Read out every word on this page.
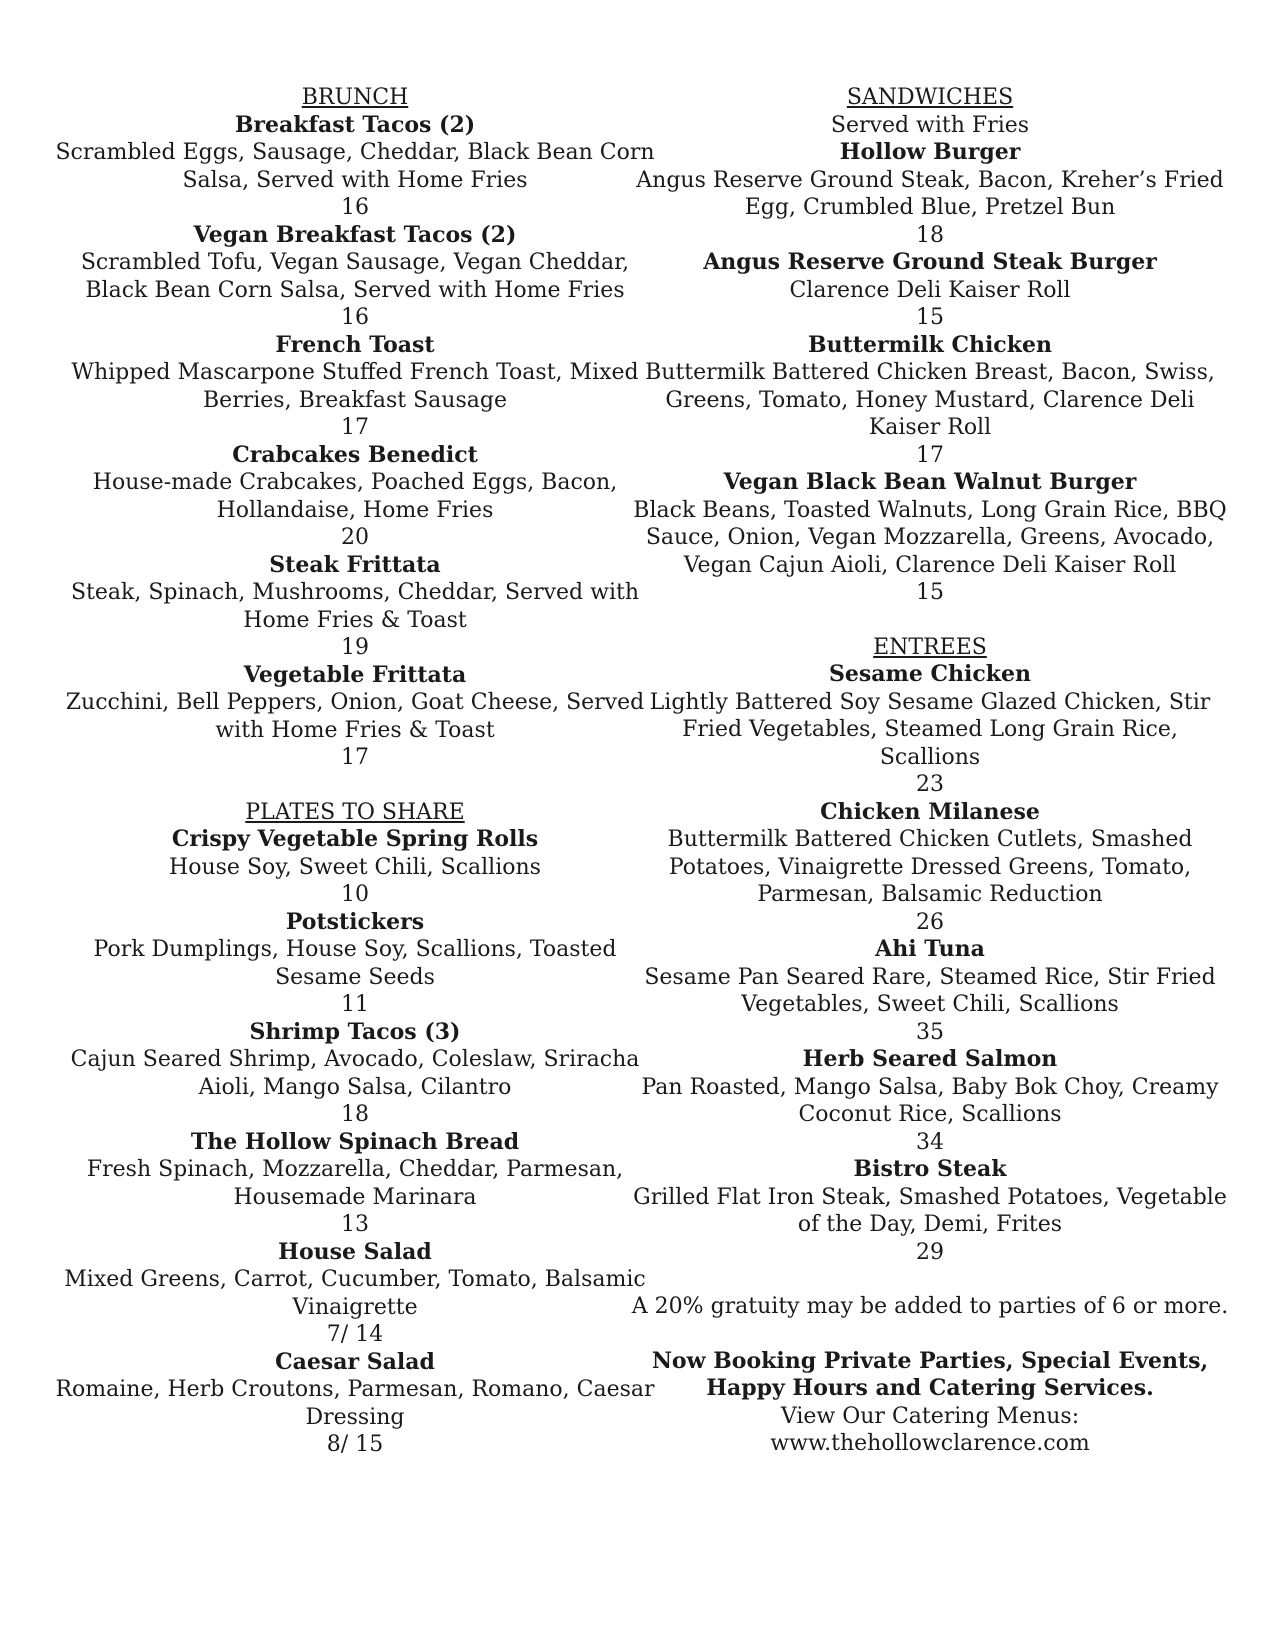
BRUNCH
Breakfast Tacos (2)
Scrambled Eggs, Sausage, Cheddar, Black Bean Corn Salsa, Served with Home Fries
16
Vegan Breakfast Tacos (2)
Scrambled Tofu, Vegan Sausage, Vegan Cheddar, Black Bean Corn Salsa, Served with Home Fries
16
French Toast
Whipped Mascarpone Stuffed French Toast, Mixed Berries, Breakfast Sausage
17
Crabcakes Benedict
House-made Crabcakes, Poached Eggs, Bacon, Hollandaise, Home Fries
20
Steak Frittata
Steak, Spinach, Mushrooms, Cheddar, Served with Home Fries & Toast
19
Vegetable Frittata
Zucchini, Bell Peppers, Onion, Goat Cheese, Served with Home Fries & Toast
17
PLATES TO SHARE
Crispy Vegetable Spring Rolls
House Soy, Sweet Chili, Scallions
10
Potstickers
Pork Dumplings, House Soy, Scallions, Toasted Sesame Seeds
11
Shrimp Tacos (3)
Cajun Seared Shrimp, Avocado, Coleslaw, Sriracha Aioli, Mango Salsa, Cilantro
18
The Hollow Spinach Bread
Fresh Spinach, Mozzarella, Cheddar, Parmesan, Housemade Marinara
13
House Salad
Mixed Greens, Carrot, Cucumber, Tomato, Balsamic Vinaigrette
7/ 14
Caesar Salad
Romaine, Herb Croutons, Parmesan, Romano, Caesar Dressing
8/ 15
SANDWICHES
Served with Fries
Hollow Burger
Angus Reserve Ground Steak, Bacon, Kreher’s Fried Egg, Crumbled Blue, Pretzel Bun
18
Angus Reserve Ground Steak Burger
Clarence Deli Kaiser Roll
15
Buttermilk Chicken
Buttermilk Battered Chicken Breast, Bacon, Swiss, Greens, Tomato, Honey Mustard, Clarence Deli Kaiser Roll
17
Vegan Black Bean Walnut Burger
Black Beans, Toasted Walnuts, Long Grain Rice, BBQ Sauce, Onion, Vegan Mozzarella, Greens, Avocado, Vegan Cajun Aioli, Clarence Deli Kaiser Roll
15
ENTREES
Sesame Chicken
Lightly Battered Soy Sesame Glazed Chicken, Stir Fried Vegetables, Steamed Long Grain Rice, Scallions
23
Chicken Milanese
Buttermilk Battered Chicken Cutlets, Smashed Potatoes, Vinaigrette Dressed Greens, Tomato, Parmesan, Balsamic Reduction
26
Ahi Tuna
Sesame Pan Seared Rare, Steamed Rice, Stir Fried Vegetables, Sweet Chili, Scallions
35
Herb Seared Salmon
Pan Roasted, Mango Salsa, Baby Bok Choy, Creamy Coconut Rice, Scallions
34
Bistro Steak
Grilled Flat Iron Steak, Smashed Potatoes, Vegetable of the Day, Demi, Frites
29
A 20% gratuity may be added to parties of 6 or more.
Now Booking Private Parties, Special Events, Happy Hours and Catering Services.
View Our Catering Menus:
www.thehollowclarence.com
